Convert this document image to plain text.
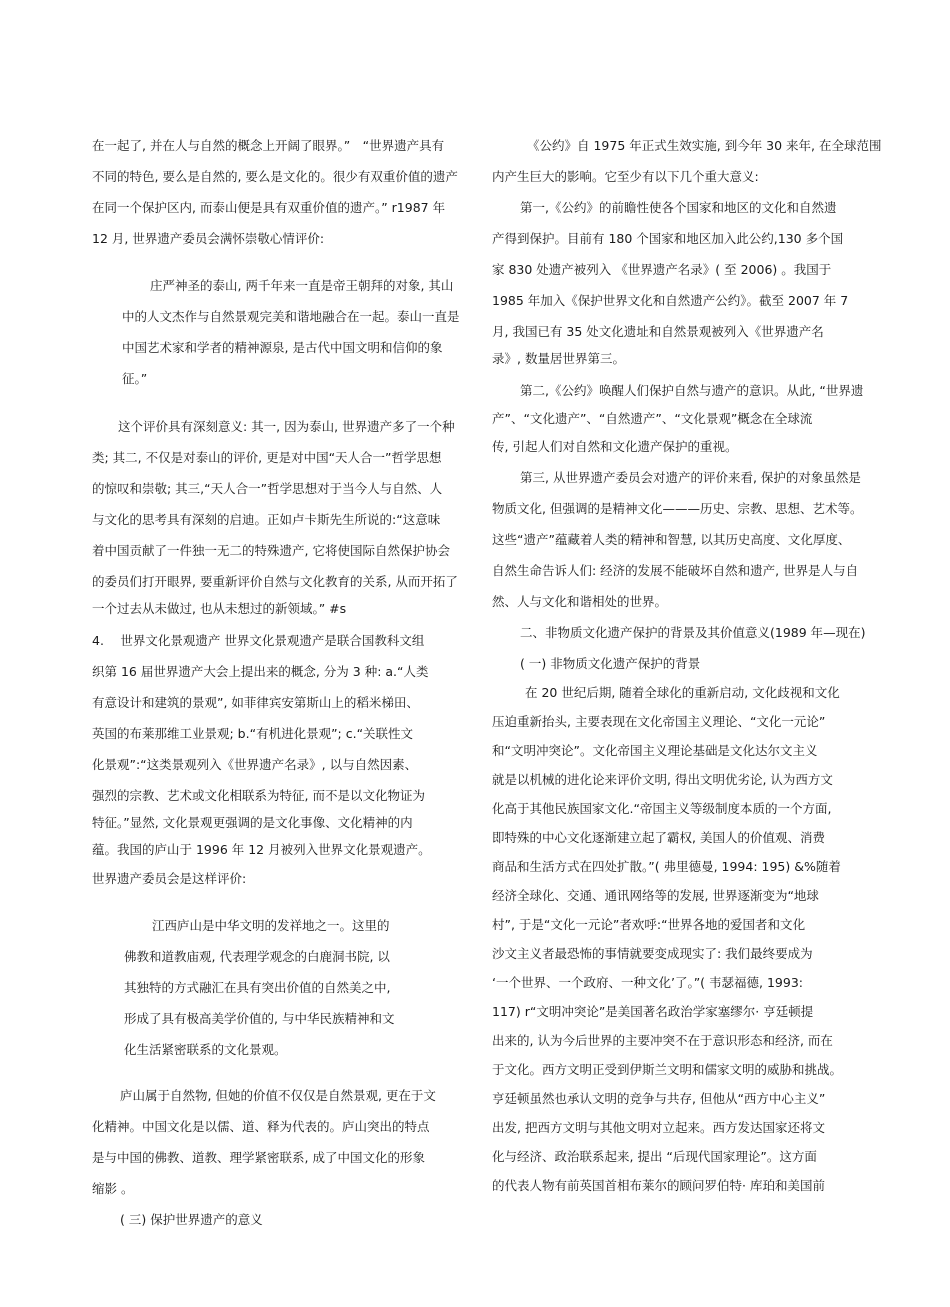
在一起了, 并在人与自然的概念上开阔了眼界。”　“世界遗产具有
不同的特色, 要么是自然的, 要么是文化的。很少有双重价值的遗产
在同一个保护区内, 而泰山便是具有双重价值的遗产。” r1987 年
12 月, 世界遗产委员会满怀崇敬心情评价:
庄严神圣的泰山, 两千年来一直是帝王朝拜的对象, 其山
中的人文杰作与自然景观完美和谐地融合在一起。泰山一直是
中国艺术家和学者的精神源泉, 是古代中国文明和信仰的象
征。”
这个评价具有深刻意义: 其一, 因为泰山, 世界遗产多了一个种
类; 其二, 不仅是对泰山的评价, 更是对中国“天人合一”哲学思想
的惊叹和崇敬; 其三,“天人合一”哲学思想对于当今人与自然、人
与文化的思考具有深刻的启迪。正如卢卡斯先生所说的:“这意味
着中国贡献了一件独一无二的特殊遗产, 它将使国际自然保护协会
的委员们打开眼界, 要重新评价自然与文化教育的关系, 从而开拓了
一个过去从未做过, 也从未想过的新领域。” #s
4.　 世界文化景观遗产 世界文化景观遗产是联合国教科文组
织第 16 届世界遗产大会上提出来的概念, 分为 3 种: a.“人类
有意设计和建筑的景观”, 如菲律宾安第斯山上的稻米梯田、
英国的布莱那维工业景观; b.“有机进化景观”; c.“关联性文
化景观”:“这类景观列入《世界遗产名录》, 以与自然因素、
强烈的宗教、艺术或文化相联系为特征, 而不是以文化物证为
特征。”显然, 文化景观更强调的是文化事像、文化精神的内
蕴。我国的庐山于 1996 年 12 月被列入世界文化景观遗产。
世界遗产委员会是这样评价:
江西庐山是中华文明的发祥地之一。这里的
佛教和道教庙观, 代表理学观念的白鹿洞书院, 以
其独特的方式融汇在具有突出价值的自然美之中,
形成了具有极高美学价值的, 与中华民族精神和文
化生活紧密联系的文化景观。
庐山属于自然物, 但她的价值不仅仅是自然景观, 更在于文
化精神。中国文化是以儒、道、释为代表的。庐山突出的特点
是与中国的佛教、道教、理学紧密联系, 成了中国文化的形象
缩影 。
( 三) 保护世界遗产的意义
《公约》自 1975 年正式生效实施, 到今年 30 来年, 在全球范围
内产生巨大的影响。它至少有以下几个重大意义:
第一,《公约》的前瞻性使各个国家和地区的文化和自然遗
产得到保护。目前有 180 个国家和地区加入此公约,130 多个国
家 830 处遗产被列入 《世界遗产名录》( 至 2006) 。我国于
1985 年加入《保护世界文化和自然遗产公约》。截至 2007 年 7
月, 我国已有 35 处文化遗址和自然景观被列入《世界遗产名
录》, 数量居世界第三。
第二,《公约》唤醒人们保护自然与遗产的意识。从此, “世界遗
产”、“文化遗产”、“自然遗产”、“文化景观”概念在全球流
传, 引起人们对自然和文化遗产保护的重视。
第三, 从世界遗产委员会对遗产的评价来看, 保护的对象虽然是
物质文化, 但强调的是精神文化———历史、宗教、思想、艺术等。
这些“遗产”蕴藏着人类的精神和智慧, 以其历史高度、文化厚度、
自然生命告诉人们: 经济的发展不能破坏自然和遗产, 世界是人与自
然、人与文化和谐相处的世界。
二、非物质文化遗产保护的背景及其价值意义(1989 年—现在)
( 一) 非物质文化遗产保护的背景
在 20 世纪后期, 随着全球化的重新启动, 文化歧视和文化
压迫重新抬头, 主要表现在文化帝国主义理论、“文化一元论”
和“文明冲突论”。文化帝国主义理论基础是文化达尔文主义
就是以机械的进化论来评价文明, 得出文明优劣论, 认为西方文
化高于其他民族国家文化.“帝国主义等级制度本质的一个方面,
即特殊的中心文化逐渐建立起了霸权, 美国人的价值观、消费
商品和生活方式在四处扩散。”( 弗里德曼, 1994: 195) &%随着
经济全球化、交通、通讯网络等的发展, 世界逐渐变为“地球
村”, 于是“文化一元论”者欢呼:“世界各地的爱国者和文化
沙文主义者最恐怖的事情就要变成现实了: 我们最终要成为
‘一个世界、一个政府、一种文化’了。”( 韦瑟福德, 1993:
117) r“文明冲突论”是美国著名政治学家塞缪尔· 亨廷顿提
出来的, 认为今后世界的主要冲突不在于意识形态和经济, 而在
于文化。西方文明正受到伊斯兰文明和儒家文明的威胁和挑战。
亨廷顿虽然也承认文明的竞争与共存, 但他从“西方中心主义”
出发, 把西方文明与其他文明对立起来。西方发达国家还将文
化与经济、政治联系起来, 提出 “后现代国家理论”。这方面
的代表人物有前英国首相布莱尔的顾问罗伯特· 库珀和美国前
